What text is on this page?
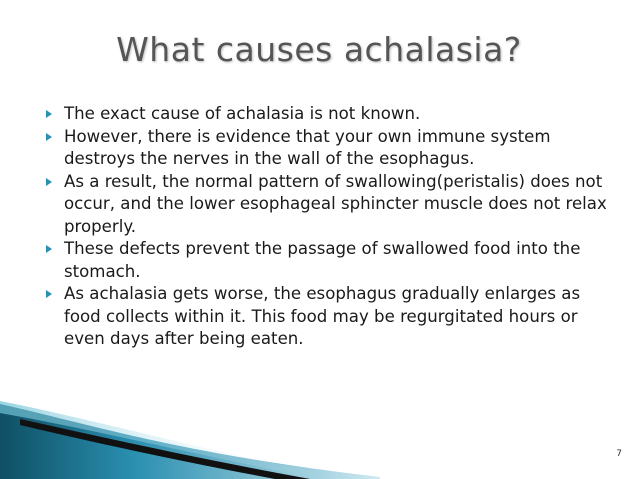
What causes achalasia?
The exact cause of achalasia is not known.
However, there is evidence that your own immune system destroys the nerves in the wall of the esophagus.
As a result, the normal pattern of swallowing(peristalis) does not occur, and the lower esophageal sphincter muscle does not relax properly.
These defects prevent the passage of swallowed food into the stomach.
As achalasia gets worse, the esophagus gradually enlarges as food collects within it. This food may be regurgitated hours or even days after being eaten.
7
